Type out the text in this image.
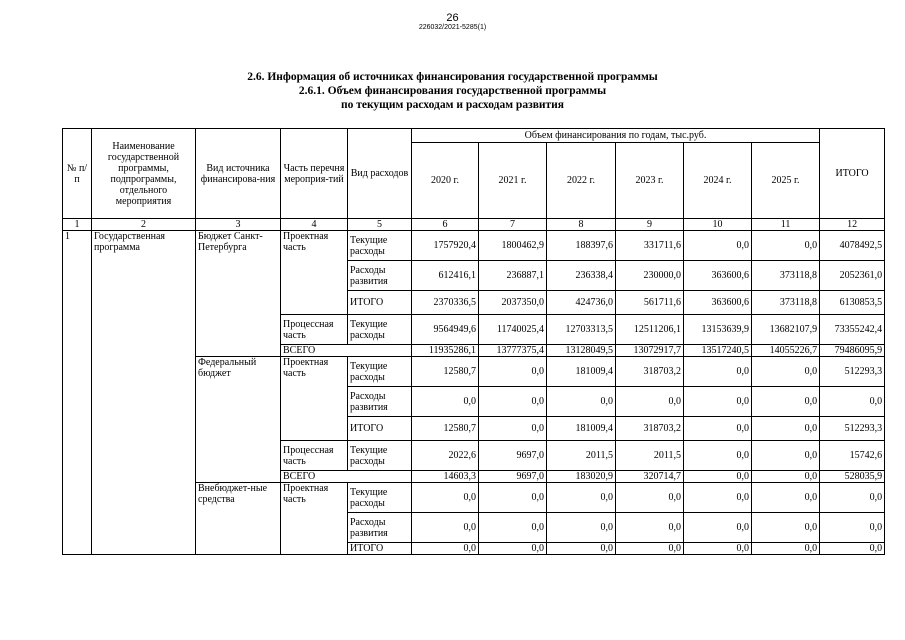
26
226032/2021-5285(1)
2.6. Информация об источниках финансирования государственной программы
2.6.1. Объем финансирования государственной программы
по текущим расходам и расходам развития
№ п/п	Наименование государственной программы, подпрограммы, отдельного мероприятия	Вид источника финансирова-ния	Часть перечня мероприя-тий	Вид расходов	Объем финансирования по годам, тыс.руб.						ИТОГО
					2020 г.	2021 г.	2022 г.	2023 г.	2024 г.	2025 г.	
1	2	3	4	5	6	7	8	9	10	11	12
1	Государственная программа	Бюджет Санкт-Петербурга	Проектная часть	Текущие расходы	1757920,4	1800462,9	188397,6	331711,6	0,0	0,0	4078492,5
				Расходы развития	612416,1	236887,1	236338,4	230000,0	363600,6	373118,8	2052361,0
				ИТОГО	2370336,5	2037350,0	424736,0	561711,6	363600,6	373118,8	6130853,5
			Процессная часть	Текущие расходы	9564949,6	11740025,4	12703313,5	12511206,1	13153639,9	13682107,9	73355242,4
			ВСЕГО		11935286,1	13777375,4	13128049,5	13072917,7	13517240,5	14055226,7	79486095,9
		Федеральный бюджет	Проектная часть	Текущие расходы	12580,7	0,0	181009,4	318703,2	0,0	0,0	512293,3
				Расходы развития	0,0	0,0	0,0	0,0	0,0	0,0	0,0
				ИТОГО	12580,7	0,0	181009,4	318703,2	0,0	0,0	512293,3
			Процессная часть	Текущие расходы	2022,6	9697,0	2011,5	2011,5	0,0	0,0	15742,6
			ВСЕГО		14603,3	9697,0	183020,9	320714,7	0,0	0,0	528035,9
		Внебюджет-ные средства	Проектная часть	Текущие расходы	0,0	0,0	0,0	0,0	0,0	0,0	0,0
				Расходы развития	0,0	0,0	0,0	0,0	0,0	0,0	0,0
				ИТОГО	0,0	0,0	0,0	0,0	0,0	0,0	0,0
